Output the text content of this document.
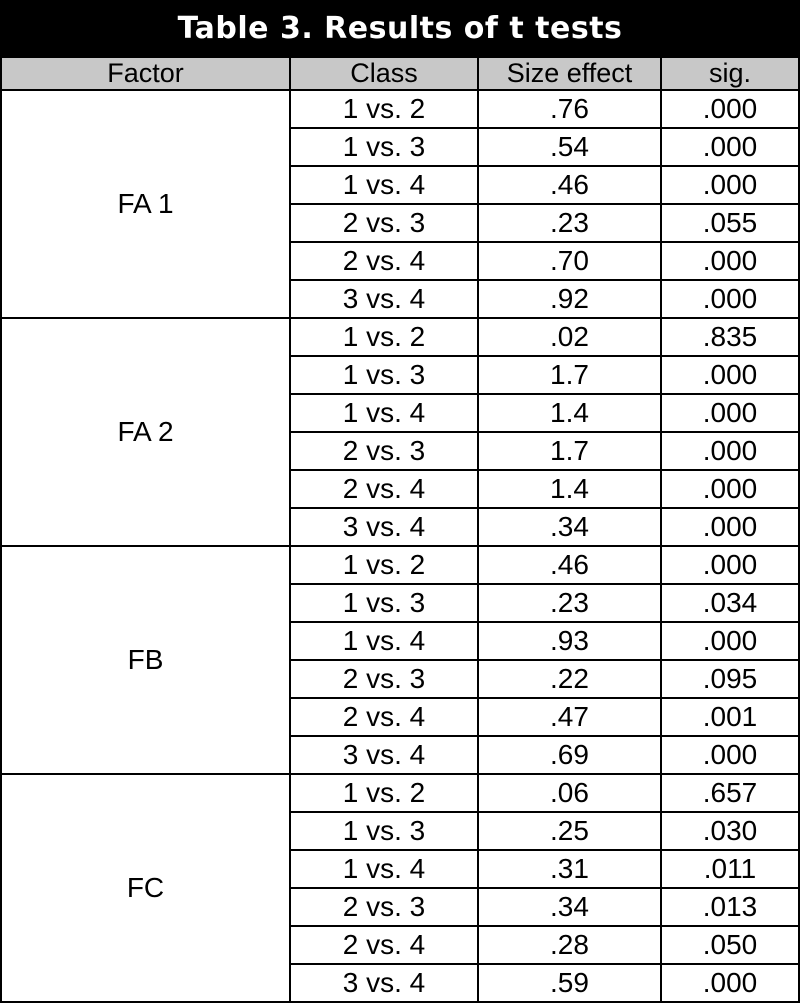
Table 3. Results of t tests
Factor	Class	Size effect	sig.
FA 1	1 vs. 2	.76	.000
	1 vs. 3	.54	.000
	1 vs. 4	.46	.000
	2 vs. 3	.23	.055
	2 vs. 4	.70	.000
	3 vs. 4	.92	.000
FA 2	1 vs. 2	.02	.835
	1 vs. 3	1.7	.000
	1 vs. 4	1.4	.000
	2 vs. 3	1.7	.000
	2 vs. 4	1.4	.000
	3 vs. 4	.34	.000
FB	1 vs. 2	.46	.000
	1 vs. 3	.23	.034
	1 vs. 4	.93	.000
	2 vs. 3	.22	.095
	2 vs. 4	.47	.001
	3 vs. 4	.69	.000
FC	1 vs. 2	.06	.657
	1 vs. 3	.25	.030
	1 vs. 4	.31	.011
	2 vs. 3	.34	.013
	2 vs. 4	.28	.050
	3 vs. 4	.59	.000
